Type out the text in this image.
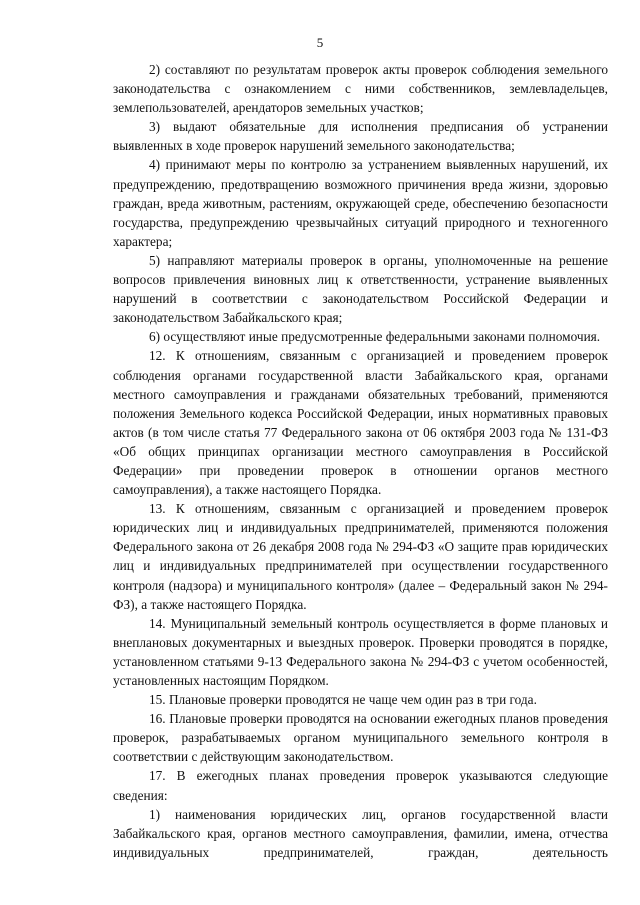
5

2) составляют по результатам проверок акты проверок соблюдения земельного законодательства с ознакомлением с ними собственников, землевладельцев, землепользователей, арендаторов земельных участков;

3) выдают обязательные для исполнения предписания об устранении выявленных в ходе проверок нарушений земельного законодательства;

4) принимают меры по контролю за устранением выявленных нарушений, их предупреждению, предотвращению возможного причинения вреда жизни, здоровью граждан, вреда животным, растениям, окружающей среде, обеспечению безопасности государства, предупреждению чрезвычайных ситуаций природного и техногенного характера;

5) направляют материалы проверок в органы, уполномоченные на решение вопросов привлечения виновных лиц к ответственности, устранение выявленных нарушений в соответствии с законодательством Российской Федерации и законодательством Забайкальского края;

6) осуществляют иные предусмотренные федеральными законами полномочия.

12. К отношениям, связанным с организацией и проведением проверок соблюдения органами государственной власти Забайкальского края, органами местного самоуправления и гражданами обязательных требований, применяются положения Земельного кодекса Российской Федерации, иных нормативных правовых актов (в том числе статья 77 Федерального закона от 06 октября 2003 года № 131-ФЗ «Об общих принципах организации местного самоуправления в Российской Федерации» при проведении проверок в отношении органов местного самоуправления), а также настоящего Порядка.

13. К отношениям, связанным с организацией и проведением проверок юридических лиц и индивидуальных предпринимателей, применяются положения Федерального закона от 26 декабря 2008 года № 294-ФЗ «О защите прав юридических лиц и индивидуальных предпринимателей при осуществлении государственного контроля (надзора) и муниципального контроля» (далее – Федеральный закон № 294-ФЗ), а также настоящего Порядка.

14. Муниципальный земельный контроль осуществляется в форме плановых и внеплановых документарных и выездных проверок. Проверки проводятся в порядке, установленном статьями 9-13 Федерального закона № 294-ФЗ с учетом особенностей, установленных настоящим Порядком.

15. Плановые проверки проводятся не чаще чем один раз в три года.

16. Плановые проверки проводятся на основании ежегодных планов проведения проверок, разрабатываемых органом муниципального земельного контроля в соответствии с действующим законодательством.

17. В ежегодных планах проведения проверок указываются следующие сведения:

1) наименования юридических лиц, органов государственной власти Забайкальского края, органов местного самоуправления, фамилии, имена, отчества индивидуальных предпринимателей, граждан, деятельность
